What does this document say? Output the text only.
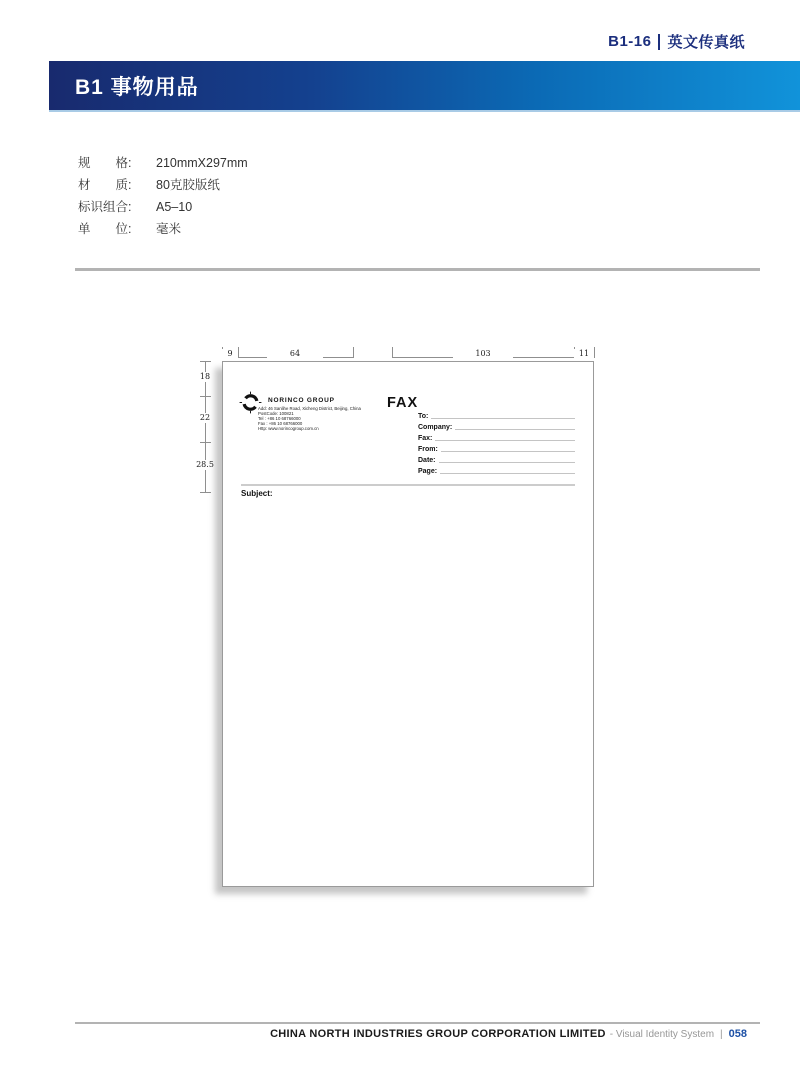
B1-16 英文传真纸
B1 事物用品
规　　格:	210mmX297mm
材　　质:	80克胶版纸
标识组合:	A5–10
单　　位:	毫米
9	64	103	11
18
22
28.5
NORINCO GROUP
Add: 46 Sanlihe Road, Xicheng District, Beijing, China
PostCode: 100821
Tel : +86 10 68766000
Fax : +86 10 68766000
Http: www.norincogroup.com.cn
FAX
To:
Company:
Fax:
From:
Date:
Page:
Subject:
CHINA NORTH INDUSTRIES GROUP CORPORATION LIMITED - Visual Identity System | 058
